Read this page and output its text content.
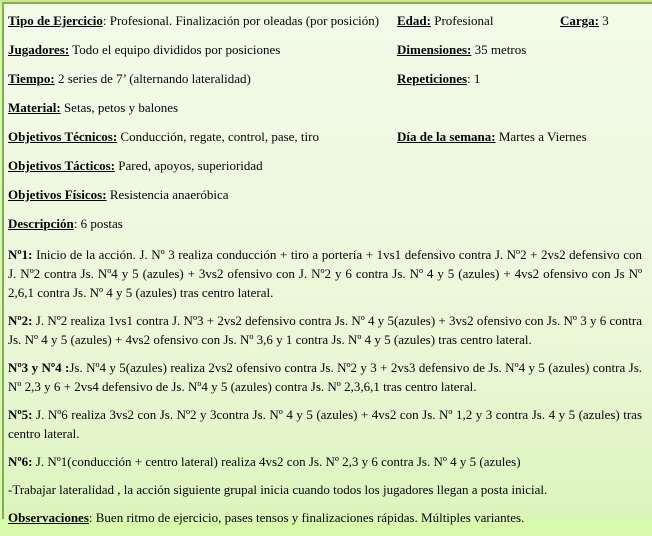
Tipo de Ejercicio: Profesional. Finalización por oleadas (por posición) Edad: Profesional	Carga: 3
Jugadores: Todo el equipo divididos por posiciones	Dimensiones: 35 metros
Tiempo: 2 series de 7’ (alternando lateralidad)	Repeticiones: 1
Material: Setas, petos y balones
Objetivos Técnicos: Conducción, regate, control, pase, tiro	Día de la semana: Martes a Viernes
Objetivos Tácticos: Pared, apoyos, superioridad
Objetivos Físicos: Resistencia anaeróbica
Descripción: 6 postas
Nº1: Inicio de la acción. J. Nº 3 realiza conducción + tiro a portería + 1vs1 defensivo contra J. Nº2 + 2vs2 defensivo con J. Nº2 contra Js. Nº4 y 5 (azules) + 3vs2 ofensivo con J. Nº2 y 6 contra Js. Nº 4 y 5 (azules) + 4vs2 ofensivo con Js Nº 2,6,1 contra Js. Nº 4 y 5 (azules) tras centro lateral.
Nº2: J. Nº2 realiza 1vs1 contra J. Nº3 + 2vs2 defensivo contra Js. Nº 4 y 5(azules) + 3vs2 ofensivo con Js. Nº 3 y 6 contra Js. Nº 4 y 5 (azules) + 4vs2 ofensivo con Js. Nº 3,6 y 1 contra Js. Nº 4 y 5 (azules) tras centro lateral.
Nº3 y Nº4 :Js. Nº4 y 5(azules) realiza 2vs2 ofensivo contra Js. Nº2 y 3 + 2vs3 defensivo de Js. Nº4 y 5 (azules) contra Js. Nº 2,3 y 6 + 2vs4 defensivo de Js. Nº4 y 5 (azules) contra Js. Nº 2,3,6,1 tras centro lateral.
Nº5: J. Nº6 realiza 3vs2 con Js. Nº2 y 3contra Js. Nº 4 y 5 (azules) + 4vs2 con Js. Nº 1,2 y 3 contra Js. 4 y 5 (azules) tras centro lateral.
Nº6: J. Nº1(conducción + centro lateral) realiza 4vs2 con Js. Nº 2,3 y 6 contra Js. Nº 4 y 5 (azules)
-Trabajar lateralidad , la acción siguiente grupal inicia cuando todos los jugadores llegan a posta inicial.
Observaciones: Buen ritmo de ejercicio, pases tensos y finalizaciones rápidas. Múltiples variantes.
